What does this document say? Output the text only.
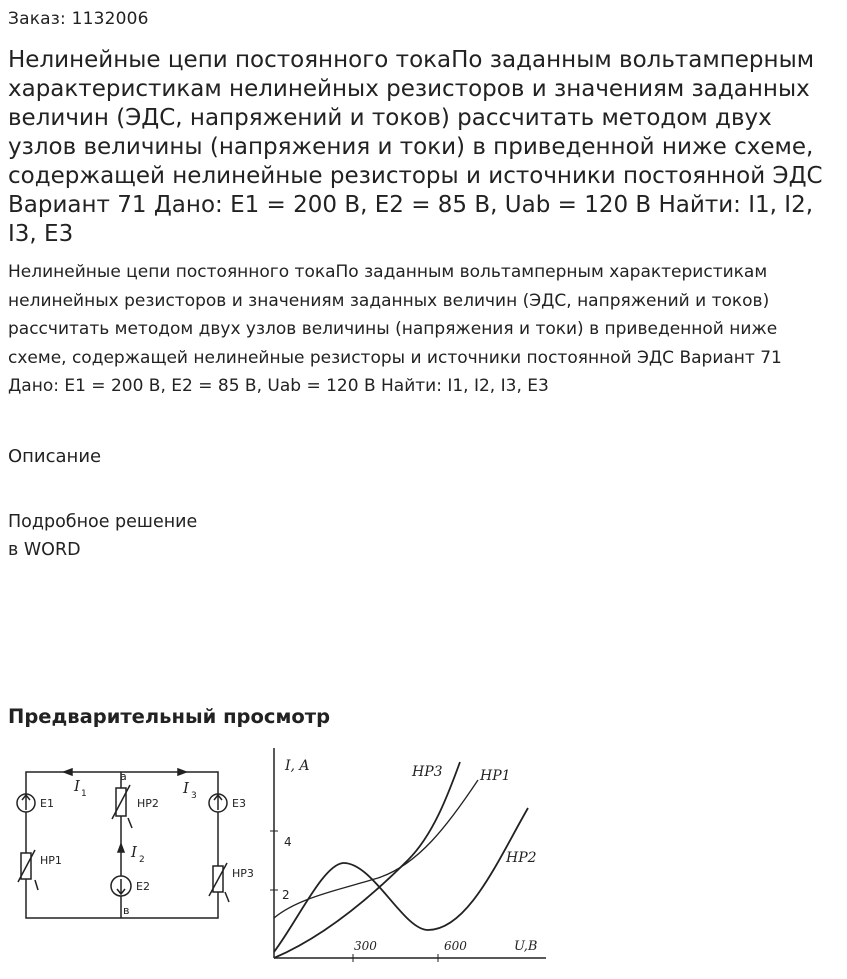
Заказ: 1132006
Нелинейные цепи постоянного токаПо заданным вольтамперным характеристикам нелинейных резисторов и значениям заданных величин (ЭДС, напряжений и токов) рассчитать методом двух узлов величины (напряжения и токи) в приведенной ниже схеме, содержащей нелинейные резисторы и источники постоянной ЭДС Вариант 71 Дано: E1 = 200 В, E2 = 85 В, Uab = 120 В Найти: I1, I2, I3, E3

Нелинейные цепи постоянного токаПо заданным вольтамперным характеристикам нелинейных резисторов и значениям заданных величин (ЭДС, напряжений и токов) рассчитать методом двух узлов величины (напряжения и токи) в приведенной ниже схеме, содержащей нелинейные резисторы и источники постоянной ЭДС Вариант 71 Дано: E1 = 200 В, E2 = 85 В, Uab = 120 В Найти: I1, I2, I3, E3

Описание
Подробное решение
в WORD
Предварительный просмотр
a
в
I 1
I 2
I 3
E1
E2
E3
HP1
HP2
HP3
I, A
U,B
2
4
300	600
HP3	HP1
HP2
